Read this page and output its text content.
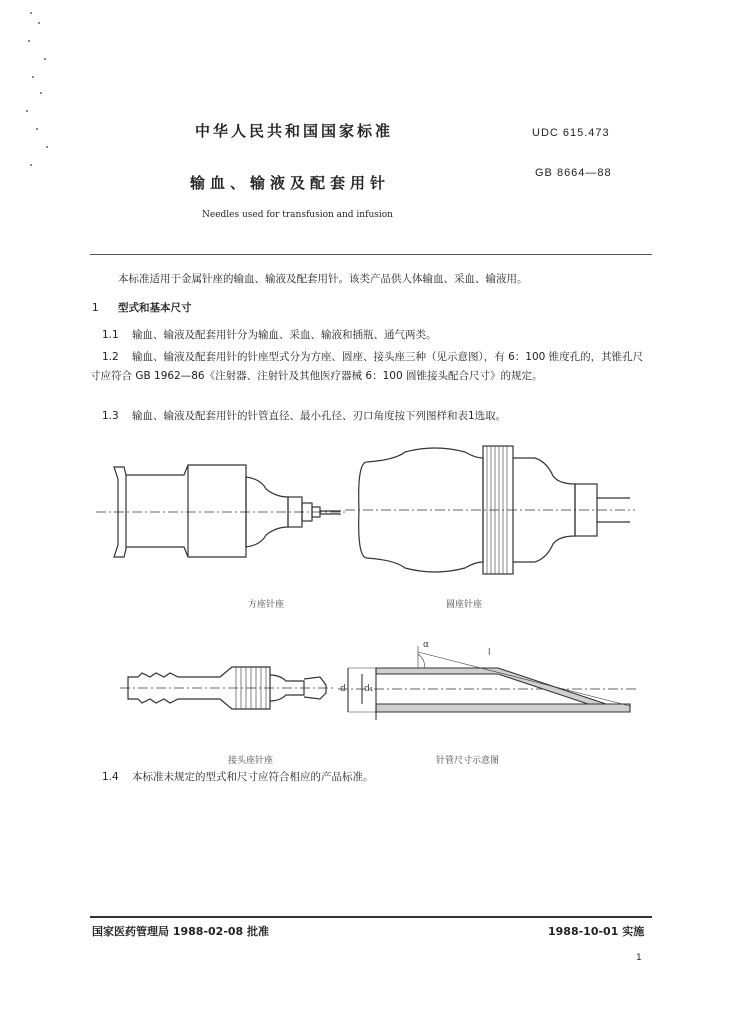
中华人民共和国国家标准	UDC 615.473
输血、输液及配套用针
GB 8664—88
Needles used for transfusion and infusion
本标准适用于金属针座的输血、输液及配套用针。该类产品供人体输血、采血、输液用。
1 型式和基本尺寸
1.1 输血、输液及配套用针分为输血、采血、输液和插瓶、通气两类。
1.2	输血、输液及配套用针的针座型式分为方座、圆座、接头座三种（见示意图），有 6：100 锥度孔的，其锥孔尺寸应符合 GB 1962—86《注射器、注射针及其他医疗器械 6：100 圆锥接头配合尺寸》的规定。
1.3 输血、输液及配套用针的针管直径、最小孔径、刃口角度按下列图样和表1选取。
方座针座	圆座针座
α
l
d d₁
接头座针座	针管尺寸示意图
1.4 本标准未规定的型式和尺寸应符合相应的产品标准。
国家医药管理局 1988-02-08 批准	1988-10-01 实施
1
